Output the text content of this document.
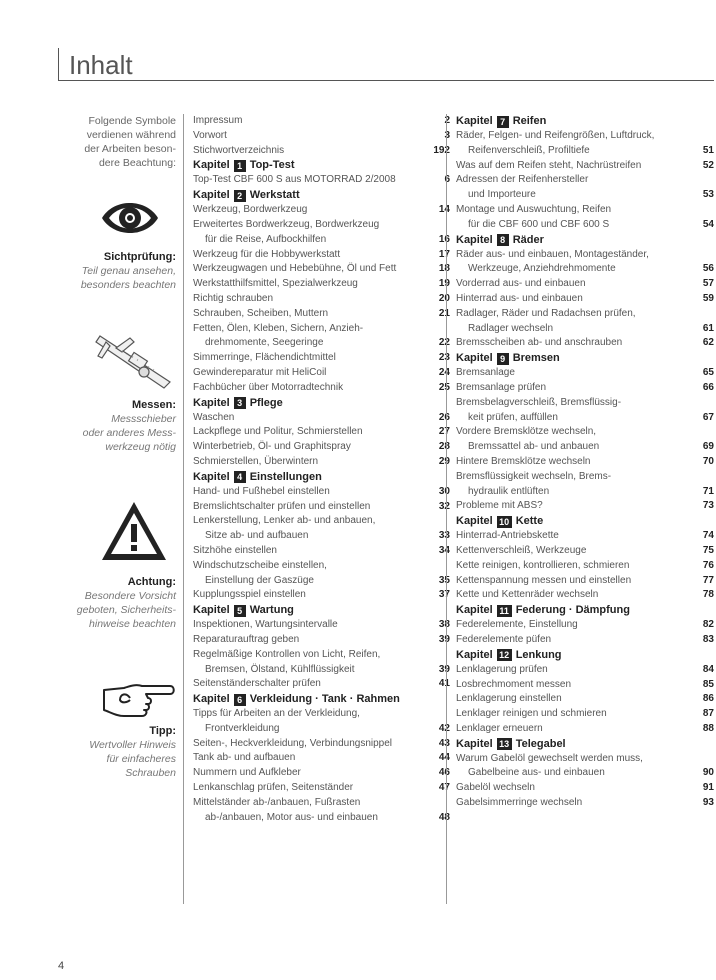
Inhalt
Folgende Symbole
verdienen während
der Arbeiten beson-
dere Beachtung:
Sichtprüfung:
Teil genau ansehen,
besonders beachten
Messen:
Messschieber
oder anderes Mess-
werkzeug nötig
Achtung:
Besondere Vorsicht
geboten, Sicherheits-
hinweise beachten
Tipp:
Wertvoller Hinweis
für einfacheres
Schrauben
Impressum	2
Vorwort	3
Stichwortverzeichnis	192
Kapitel 1 Top-Test
Top-Test CBF 600 S aus MOTORRAD 2/2008	6
Kapitel 2 Werkstatt
Werkzeug, Bordwerkzeug	14
Erweitertes Bordwerkzeug, Bordwerkzeug
für die Reise, Aufbockhilfen	16
Werkzeug für die Hobbywerkstatt	17
Werkzeugwagen und Hebebühne, Öl und Fett	18
Werkstatthilfsmittel, Spezialwerkzeug	19
Richtig schrauben	20
Schrauben, Scheiben, Muttern	21
Fetten, Ölen, Kleben, Sichern, Anzieh-
drehmomente, Seegeringe	22
Simmerringe, Flächendichtmittel	23
Gewindereparatur mit HeliCoil	24
Fachbücher über Motorradtechnik	25
Kapitel 3 Pflege
Waschen	26
Lackpflege und Politur, Schmierstellen	27
Winterbetrieb, Öl- und Graphitspray	28
Schmierstellen, Überwintern	29
Kapitel 4 Einstellungen
Hand- und Fußhebel einstellen	30
Bremslichtschalter prüfen und einstellen	32
Lenkerstellung, Lenker ab- und anbauen,
Sitze ab- und aufbauen	33
Sitzhöhe einstellen	34
Windschutzscheibe einstellen,
Einstellung der Gaszüge	35
Kupplungsspiel einstellen	37
Kapitel 5 Wartung
Inspektionen, Wartungsintervalle	38
Reparaturauftrag geben	39
Regelmäßige Kontrollen von Licht, Reifen,
Bremsen, Ölstand, Kühlflüssigkeit	39
Seitenständerschalter prüfen	41
Kapitel 6 Verkleidung · Tank · Rahmen
Tipps für Arbeiten an der Verkleidung,
Frontverkleidung	42
Seiten-, Heckverkleidung, Verbindungsnippel	43
Tank ab- und aufbauen	44
Nummern und Aufkleber	46
Lenkanschlag prüfen, Seitenständer	47
Mittelständer ab-/anbauen, Fußrasten
ab-/anbauen, Motor aus- und einbauen	48
Kapitel 7 Reifen
Räder, Felgen- und Reifengrößen, Luftdruck,
Reifenverschleiß, Profiltiefe	51
Was auf dem Reifen steht, Nachrüstreifen	52
Adressen der Reifenhersteller
und Importeure	53
Montage und Auswuchtung, Reifen
für die CBF 600 und CBF 600 S	54
Kapitel 8 Räder
Räder aus- und einbauen, Montageständer,
Werkzeuge, Anziehdrehmomente	56
Vorderrad aus- und einbauen	57
Hinterrad aus- und einbauen	59
Radlager, Räder und Radachsen prüfen,
Radlager wechseln	61
Bremsscheiben ab- und anschrauben	62
Kapitel 9 Bremsen
Bremsanlage	65
Bremsanlage prüfen	66
Bremsbelagverschleiß, Bremsflüssig-
keit prüfen, auffüllen	67
Vordere Bremsklötze wechseln,
Bremssattel ab- und anbauen	69
Hintere Bremsklötze wechseln	70
Bremsflüssigkeit wechseln, Brems-
hydraulik entlüften	71
Probleme mit ABS?	73
Kapitel 10 Kette
Hinterrad-Antriebskette	74
Kettenverschleiß, Werkzeuge	75
Kette reinigen, kontrollieren, schmieren	76
Kettenspannung messen und einstellen	77
Kette und Kettenräder wechseln	78
Kapitel 11 Federung · Dämpfung
Federelemente, Einstellung	82
Federelemente püfen	83
Kapitel 12 Lenkung
Lenklagerung prüfen	84
Losbrechmoment messen	85
Lenklagerung einstellen	86
Lenklager reinigen und schmieren	87
Lenklager erneuern	88
Kapitel 13 Telegabel
Warum Gabelöl gewechselt werden muss,
Gabelbeine aus- und einbauen	90
Gabelöl wechseln	91
Gabelsimmerringe wechseln	93
4
